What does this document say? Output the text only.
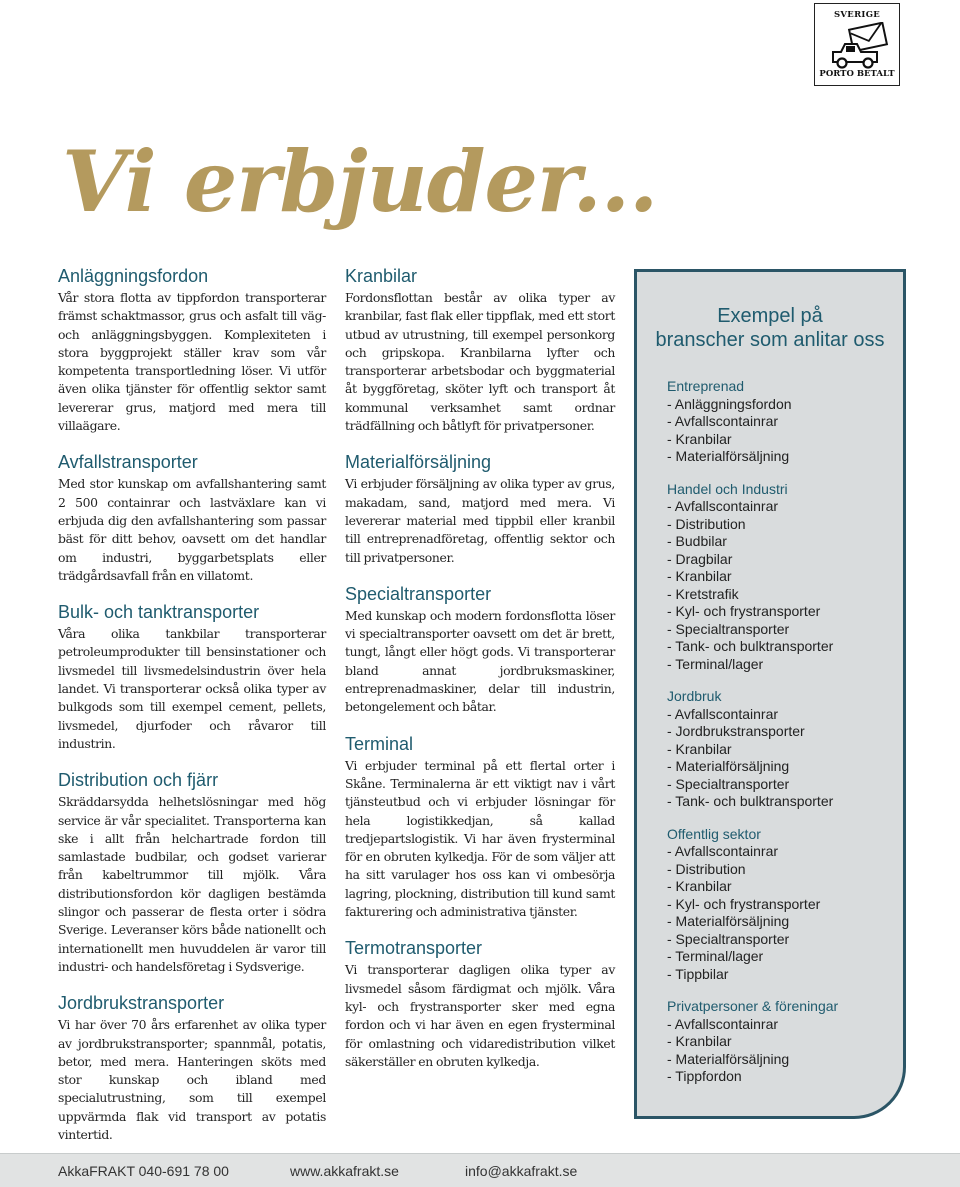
SVERIGE
PORTO BETALT
Vi erbjuder...
Anläggningsfordon

Vår stora flotta av tippfordon transporterar främst schaktmassor, grus och asfalt till väg- och anläggningsbyggen. Komplexiteten i stora byggprojekt ställer krav som vår kompetenta transportledning löser. Vi utför även olika tjänster för offentlig sektor samt levererar grus, matjord med mera till villaägare.

Avfallstransporter

Med stor kunskap om avfallshantering samt 2 500 containrar och lastväxlare kan vi erbjuda dig den avfallshantering som passar bäst för ditt behov, oavsett om det handlar om industri, byggarbetsplats eller trädgårdsavfall från en villatomt.

Bulk- och tanktransporter

Våra olika tankbilar transporterar petroleumprodukter till bensinstationer och livsmedel till livsmedelsindustrin över hela landet. Vi transporterar också olika typer av bulkgods som till exempel cement, pellets, livsmedel, djurfoder och råvaror till industrin.

Distribution och fjärr

Skräddarsydda helhetslösningar med hög service är vår specialitet. Transporterna kan ske i allt från helchartrade fordon till samlastade budbilar, och godset varierar från kabeltrummor till mjölk. Våra distributionsfordon kör dagligen bestämda slingor och passerar de flesta orter i södra Sverige. Leveranser körs både nationellt och internationellt men huvuddelen är varor till industri- och handelsföretag i Sydsverige.

Jordbrukstransporter

Vi har över 70 års erfarenhet av olika typer av jordbrukstransporter; spannmål, potatis, betor, med mera. Hanteringen sköts med stor kunskap och ibland med specialutrustning, som till exempel uppvärmda flak vid transport av potatis vintertid.

Kranbilar

Fordonsflottan består av olika typer av kranbilar, fast flak eller tippflak, med ett stort utbud av utrustning, till exempel personkorg och gripskopa. Kranbilarna lyfter och transporterar arbetsbodar och byggmaterial åt byggföretag, sköter lyft och transport åt kommunal verksamhet samt ordnar trädfällning och båtlyft för privatpersoner.

Materialförsäljning

Vi erbjuder försäljning av olika typer av grus, makadam, sand, matjord med mera. Vi levererar material med tippbil eller kranbil till entreprenadföretag, offentlig sektor och till privatpersoner.

Specialtransporter

Med kunskap och modern fordonsflotta löser vi specialtransporter oavsett om det är brett, tungt, långt eller högt gods. Vi transporterar bland annat jordbruksmaskiner, entreprenadmaskiner, delar till industrin, betongelement och båtar.

Terminal

Vi erbjuder terminal på ett flertal orter i Skåne. Terminalerna är ett viktigt nav i vårt tjänsteutbud och vi erbjuder lösningar för hela logistikkedjan, så kallad tredjepartslogistik. Vi har även frysterminal för en obruten kylkedja. För de som väljer att ha sitt varulager hos oss kan vi ombesörja lagring, plockning, distribution till kund samt fakturering och administrativa tjänster.

Termotransporter

Vi transporterar dagligen olika typer av livsmedel såsom färdigmat och mjölk. Våra kyl- och frystransporter sker med egna fordon och vi har även en egen frysterminal för omlastning och vidaredistribution vilket säkerställer en obruten kylkedja.

Exempel på
branscher som anlitar oss
Entreprenad
- Anläggningsfordon
- Avfallscontainrar
- Kranbilar
- Materialförsäljning
Handel och Industri
- Avfallscontainrar
- Distribution
- Budbilar
- Dragbilar
- Kranbilar
- Kretstrafik
- Kyl- och frystransporter
- Specialtransporter
- Tank- och bulktransporter
- Terminal/lager
Jordbruk
- Avfallscontainrar
- Jordbrukstransporter
- Kranbilar
- Materialförsäljning
- Specialtransporter
- Tank- och bulktransporter
Offentlig sektor
- Avfallscontainrar
- Distribution
- Kranbilar
- Kyl- och frystransporter
- Materialförsäljning
- Specialtransporter
- Terminal/lager
- Tippbilar
Privatpersoner & föreningar
- Avfallscontainrar
- Kranbilar
- Materialförsäljning
- Tippfordon
AkkaFRAKT 040-691 78 00	www.akkafrakt.se	info@akkafrakt.se
